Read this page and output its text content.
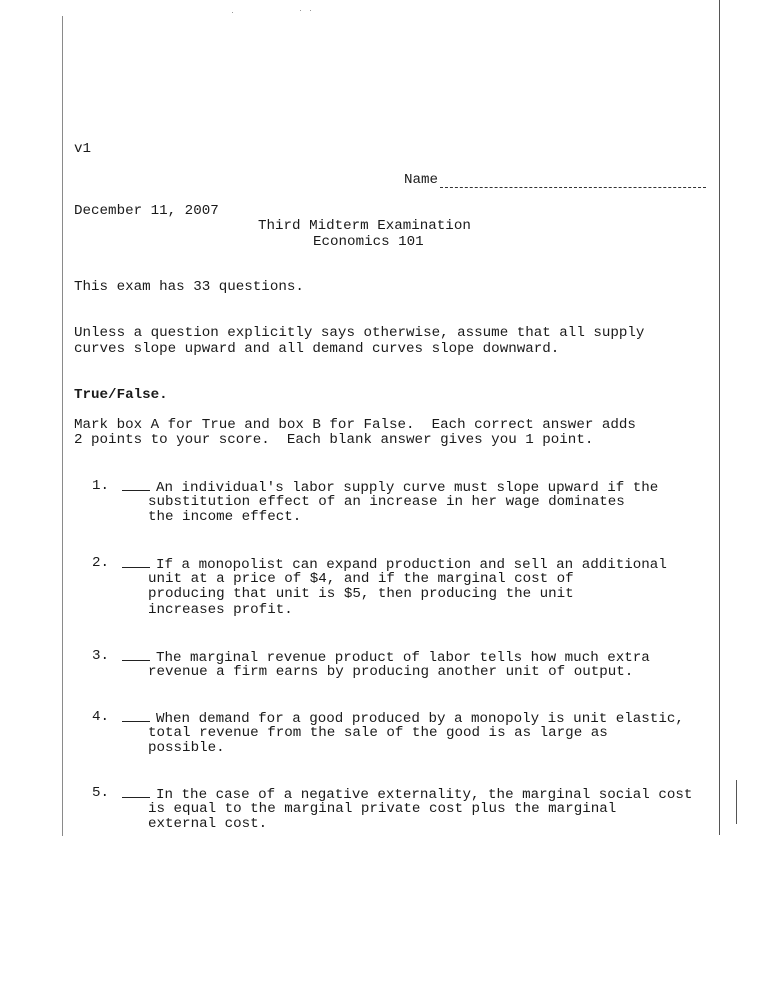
v1
Name
December 11, 2007
Third Midterm Examination
Economics 101
This exam has 33 questions.
Unless a question explicitly says otherwise, assume that all supply
curves slope upward and all demand curves slope downward.
True/False.
Mark box A for True and box B for False.  Each correct answer adds
2 points to your score.  Each blank answer gives you 1 point.
1.	An individual's labor supply curve must slope upward if the
substitution effect of an increase in her wage dominates
the income effect.
2.	If a monopolist can expand production and sell an additional
unit at a price of $4, and if the marginal cost of
producing that unit is $5, then producing the unit
increases profit.
3.	The marginal revenue product of labor tells how much extra
revenue a firm earns by producing another unit of output.
4.	When demand for a good produced by a monopoly is unit elastic,
total revenue from the sale of the good is as large as
possible.
5.	In the case of a negative externality, the marginal social cost
is equal to the marginal private cost plus the marginal
external cost.
